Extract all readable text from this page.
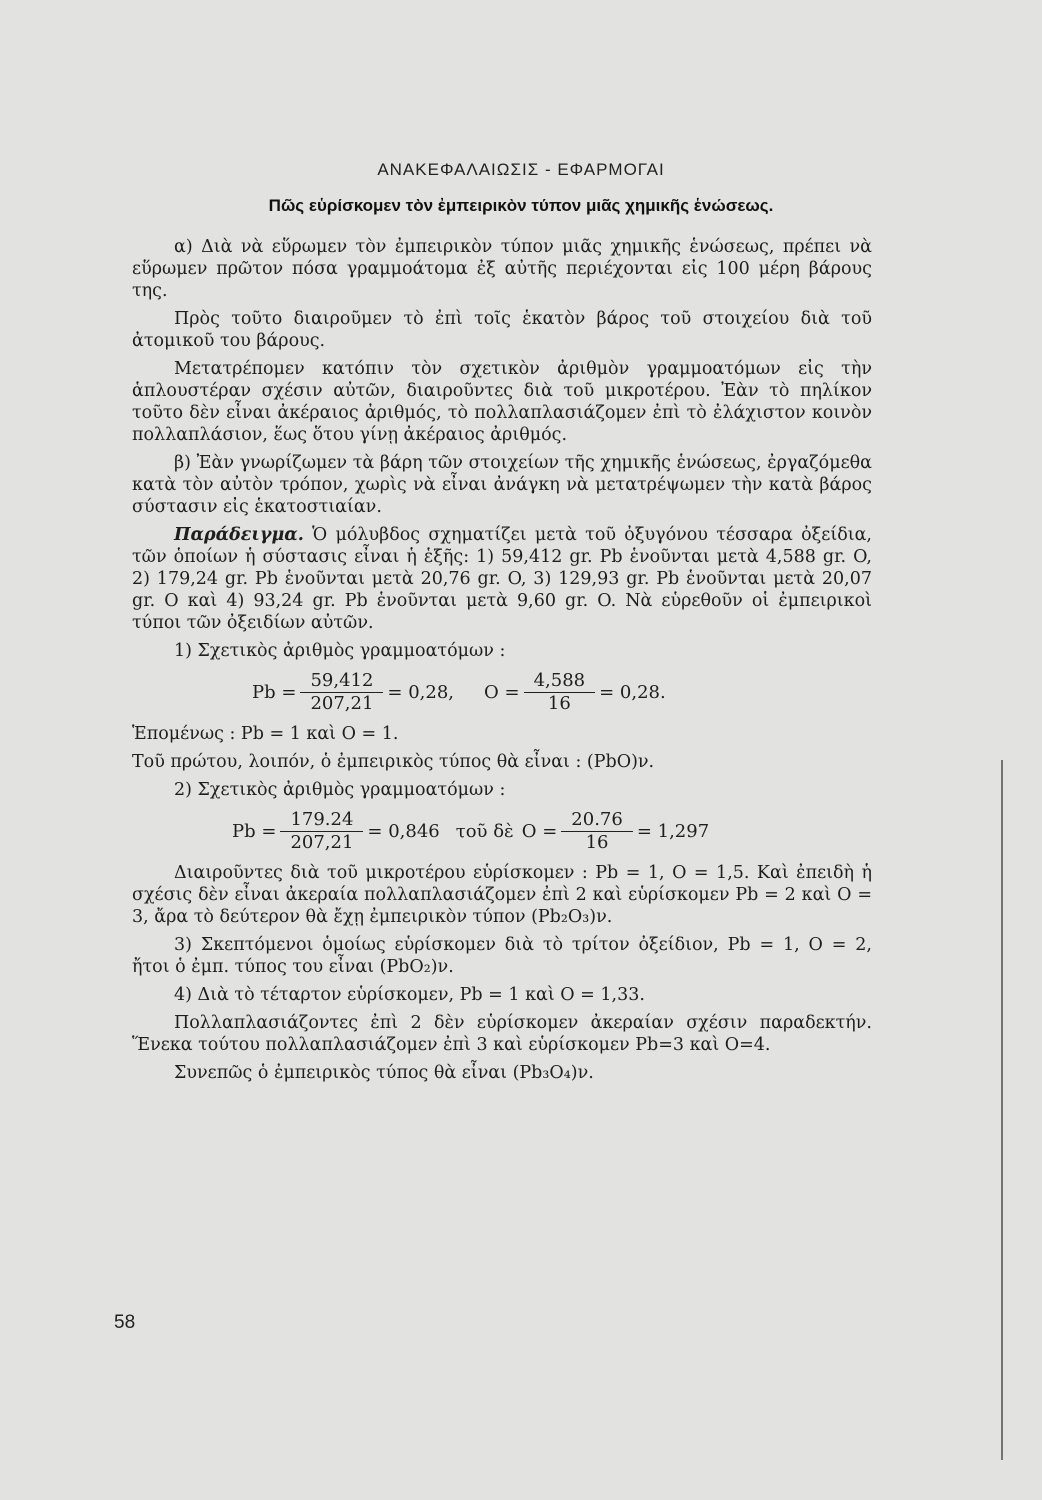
ΑΝΑΚΕΦΑΛΑΙΩΣΙΣ - ΕΦΑΡΜΟΓΑΙ
Πῶς εὑρίσκομεν τὸν ἐμπειρικὸν τύπον μιᾶς χημικῆς ἑνώσεως.

α) Διὰ νὰ εὕρωμεν τὸν ἐμπειρικὸν τύπον μιᾶς χημικῆς ἑνώσεως, πρέπει νὰ εὕρωμεν πρῶτον πόσα γραμμοάτομα ἐξ αὐτῆς περιέχονται εἰς 100 μέρη βάρους της.

Πρὸς τοῦτο διαιροῦμεν τὸ ἐπὶ τοῖς ἑκατὸν βάρος τοῦ στοιχείου διὰ τοῦ ἀτομικοῦ του βάρους.

Μετατρέπομεν κατόπιν τὸν σχετικὸν ἀριθμὸν γραμμοατόμων εἰς τὴν ἁπλουστέραν σχέσιν αὐτῶν, διαιροῦντες διὰ τοῦ μικροτέρου. Ἐὰν τὸ πηλίκον τοῦτο δὲν εἶναι ἀκέραιος ἀριθμός, τὸ πολλαπλασιάζομεν ἐπὶ τὸ ἐλάχιστον κοινὸν πολλαπλάσιον, ἕως ὅτου γίνῃ ἀκέραιος ἀριθμός.

β) Ἐὰν γνωρίζωμεν τὰ βάρη τῶν στοιχείων τῆς χημικῆς ἑνώσεως, ἐργαζόμεθα κατὰ τὸν αὐτὸν τρόπον, χωρὶς νὰ εἶναι ἀνάγκη νὰ μετατρέψωμεν τὴν κατὰ βάρος σύστασιν εἰς ἑκατοστιαίαν.

Παράδειγμα. Ὁ μόλυβδος σχηματίζει μετὰ τοῦ ὀξυγόνου τέσσαρα ὀξείδια, τῶν ὁποίων ἡ σύστασις εἶναι ἡ ἑξῆς: 1) 59,412 gr. Pb ἑνοῦνται μετὰ 4,588 gr. O, 2) 179,24 gr. Pb ἑνοῦνται μετὰ 20,76 gr. O, 3) 129,93 gr. Pb ἑνοῦνται μετὰ 20,07 gr. O καὶ 4) 93,24 gr. Pb ἑνοῦνται μετὰ 9,60 gr. O. Νὰ εὑρεθοῦν οἱ ἐμπειρικοὶ τύποι τῶν ὀξειδίων αὐτῶν.

1) Σχετικὸς ἀριθμὸς γραμμοατόμων :

$Pb = \frac{59,412}{207,21} = 0,28$, $O = \frac{4,588}{16} = 0,28$.

Ἑπομένως : Pb = 1 καὶ O = 1.

Τοῦ πρώτου, λοιπόν, ὁ ἐμπειρικὸς τύπος θὰ εἶναι : (PbO)ν.

2) Σχετικὸς ἀριθμὸς γραμμοατόμων :

$Pb = \frac{179.24}{207,21} = 0,846$ τοῦ δὲ $O = \frac{20.76}{16} = 1,297$

Διαιροῦντες διὰ τοῦ μικροτέρου εὑρίσκομεν : Pb = 1, O = 1,5. Καὶ ἐπειδὴ ἡ σχέσις δὲν εἶναι ἀκεραία πολλαπλασιάζομεν ἐπὶ 2 καὶ εὑρίσκομεν Pb = 2 καὶ O = 3, ἄρα τὸ δεύτερον θὰ ἔχῃ ἐμπειρικὸν τύπον (Pb₂O₃)ν.

3) Σκεπτόμενοι ὁμοίως εὑρίσκομεν διὰ τὸ τρίτον ὀξείδιον, Pb = 1, O = 2, ἤτοι ὁ ἐμπ. τύπος του εἶναι (PbO₂)ν.

4) Διὰ τὸ τέταρτον εὑρίσκομεν, Pb = 1 καὶ O = 1,33.

Πολλαπλασιάζοντες ἐπὶ 2 δὲν εὑρίσκομεν ἀκεραίαν σχέσιν παραδεκτήν. Ἕνεκα τούτου πολλαπλασιάζομεν ἐπὶ 3 καὶ εὑρίσκομεν Pb=3 καὶ O=4.

Συνεπῶς ὁ ἐμπειρικὸς τύπος θὰ εἶναι (Pb₃O₄)ν.

58
